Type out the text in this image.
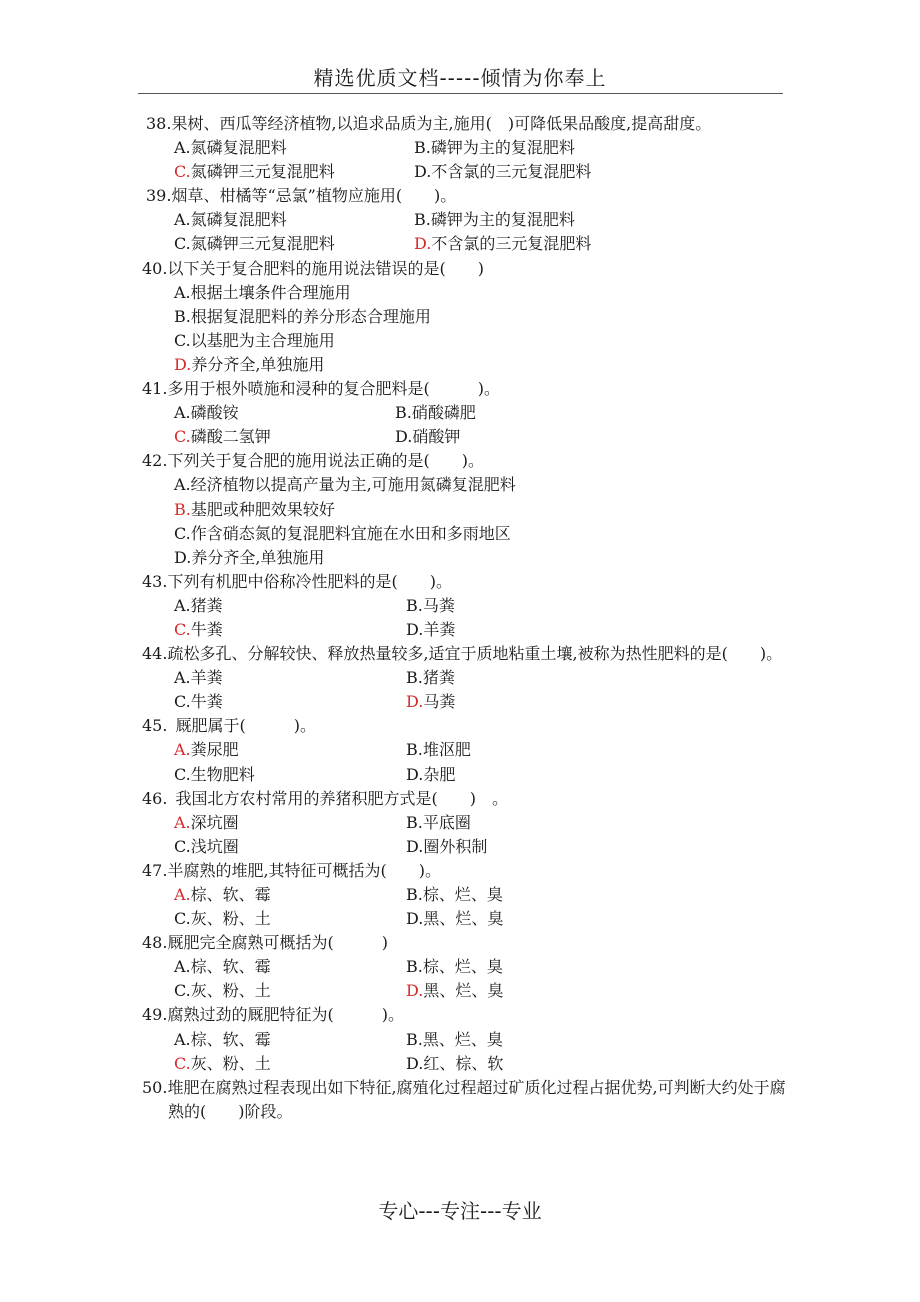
精选优质文档-----倾情为你奉上
38.果树、西瓜等经济植物,以追求品质为主,施用(　)可降低果品酸度,提高甜度。
A.氮磷复混肥料	B.磷钾为主的复混肥料
C.氮磷钾三元复混肥料	D.不含氯的三元复混肥料
39.烟草、柑橘等“忌氯”植物应施用(　　)。
A.氮磷复混肥料	B.磷钾为主的复混肥料
C.氮磷钾三元复混肥料	D.不含氯的三元复混肥料
40.以下关于复合肥料的施用说法错误的是(　　)
A.根据土壤条件合理施用
B.根据复混肥料的养分形态合理施用
C.以基肥为主合理施用
D.养分齐全,单独施用
41.多用于根外喷施和浸种的复合肥料是(　　　)。
A.磷酸铵	B.硝酸磷肥
C.磷酸二氢钾	D.硝酸钾
42.下列关于复合肥的施用说法正确的是(　　)。
A.经济植物以提高产量为主,可施用氮磷复混肥料
B.基肥或种肥效果较好
C.作含硝态氮的复混肥料宜施在水田和多雨地区
D.养分齐全,单独施用
43.下列有机肥中俗称冷性肥料的是(　　)。
A.猪粪	B.马粪
C.牛粪	D.羊粪
44.疏松多孔、分解较快、释放热量较多,适宜于质地粘重土壤,被称为热性肥料的是(　　)。
A.羊粪	B.猪粪
C.牛粪	D.马粪
45.  厩肥属于(　　　)。
A.粪尿肥	B.堆沤肥
C.生物肥料	D.杂肥
46.  我国北方农村常用的养猪积肥方式是(　　)　。
A.深坑圈	B.平底圈
C.浅坑圈	D.圈外积制
47.半腐熟的堆肥,其特征可概括为(　　)。
A.棕、软、霉	B.棕、烂、臭
C.灰、粉、土	D.黑、烂、臭
48.厩肥完全腐熟可概括为(　　　)
A.棕、软、霉	B.棕、烂、臭
C.灰、粉、土	D.黑、烂、臭
49.腐熟过劲的厩肥特征为(　　　)。
A.棕、软、霉	B.黑、烂、臭
C.灰、粉、土	D.红、棕、软
50.堆肥在腐熟过程表现出如下特征,腐殖化过程超过矿质化过程占据优势,可判断大约处于腐熟的(　　)阶段。
专心---专注---专业
